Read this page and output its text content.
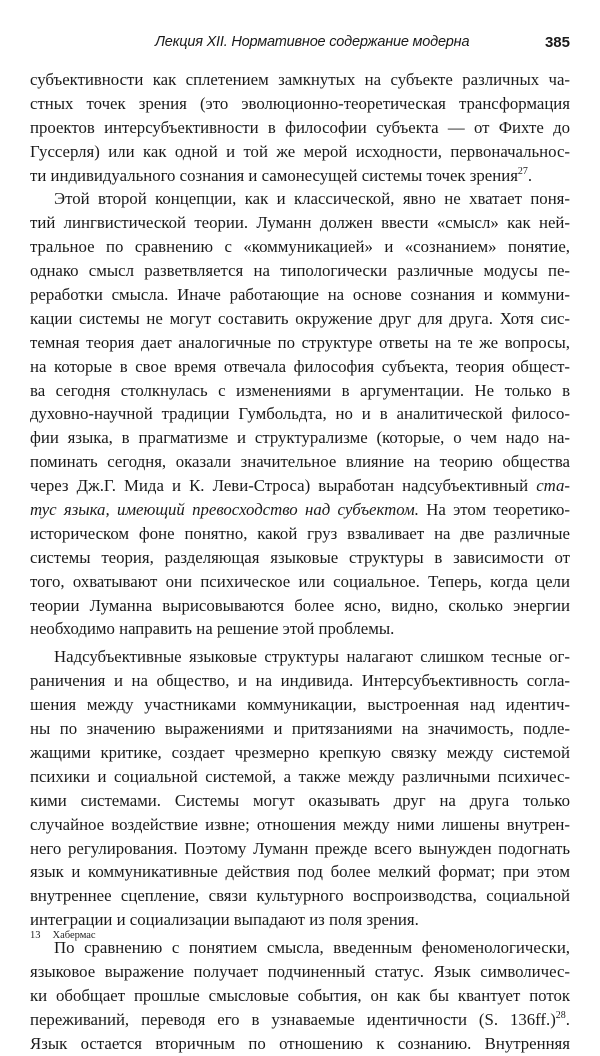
Лекция XII. Нормативное содержание модерна	385
субъективности как сплетением замкнутых на субъекте различных ча-
стных точек зрения (это эволюционно-теоретическая трансформация
проектов интерсубъективности в философии субъекта — от Фихте до
Гуссерля) или как одной и той же мерой исходности, первоначальнос-
ти индивидуального сознания и самонесущей системы точек зрения$^{27}$.
Этой второй концепции, как и классической, явно не хватает поня-
тий лингвистической теории. Луманн должен ввести «смысл» как ней-
тральное по сравнению с «коммуникацией» и «сознанием» понятие,
однако смысл разветвляется на типологически различные модусы пе-
реработки смысла. Иначе работающие на основе сознания и коммуни-
кации системы не могут составить окружение друг для друга. Хотя сис-
темная теория дает аналогичные по структуре ответы на те же вопросы,
на которые в свое время отвечала философия субъекта, теория общест-
ва сегодня столкнулась с изменениями в аргументации. Не только в
духовно-научной традиции Гумбольдта, но и в аналитической филосо-
фии языка, в прагматизме и структурализме (которые, о чем надо на-
поминать сегодня, оказали значительное влияние на теорию общества
через Дж.Г. Мида и К. Леви-Строса) выработан надсубъективный ста-
тус языка, имеющий превосходство над субъектом. На этом теоретико-
историческом фоне понятно, какой груз взваливает на две различные
системы теория, разделяющая языковые структуры в зависимости от
того, охватывают они психическое или социальное. Теперь, когда цели
теории Луманна вырисовываются более ясно, видно, сколько энергии
необходимо направить на решение этой проблемы.
Надсубъективные языковые структуры налагают слишком тесные ог-
раничения и на общество, и на индивида. Интерсубъективность согла-
шения между участниками коммуникации, выстроенная над идентич-
ны по значению выражениями и притязаниями на значимость, подле-
жащими критике, создает чрезмерно крепкую связку между системой
психики и социальной системой, а также между различными психичес-
кими системами. Системы могут оказывать друг на друга только
случайное воздействие извне; отношения между ними лишены внутрен-
него регулирования. Поэтому Луманн прежде всего вынужден подогнать
язык и коммуникативные действия под более мелкий формат; при этом
внутреннее сцепление, связи культурного воспроизводства, социальной
интеграции и социализации выпадают из поля зрения.
По сравнению с понятием смысла, введенным феноменологически,
языковое выражение получает подчиненный статус. Язык символичес-
ки обобщает прошлые смысловые события, он как бы квантует поток
переживаний, переводя его в узнаваемые идентичности (S. 136ff.)$^{28}$.
Язык остается вторичным по отношению к сознанию. Внутренняя
13 Хабермас
